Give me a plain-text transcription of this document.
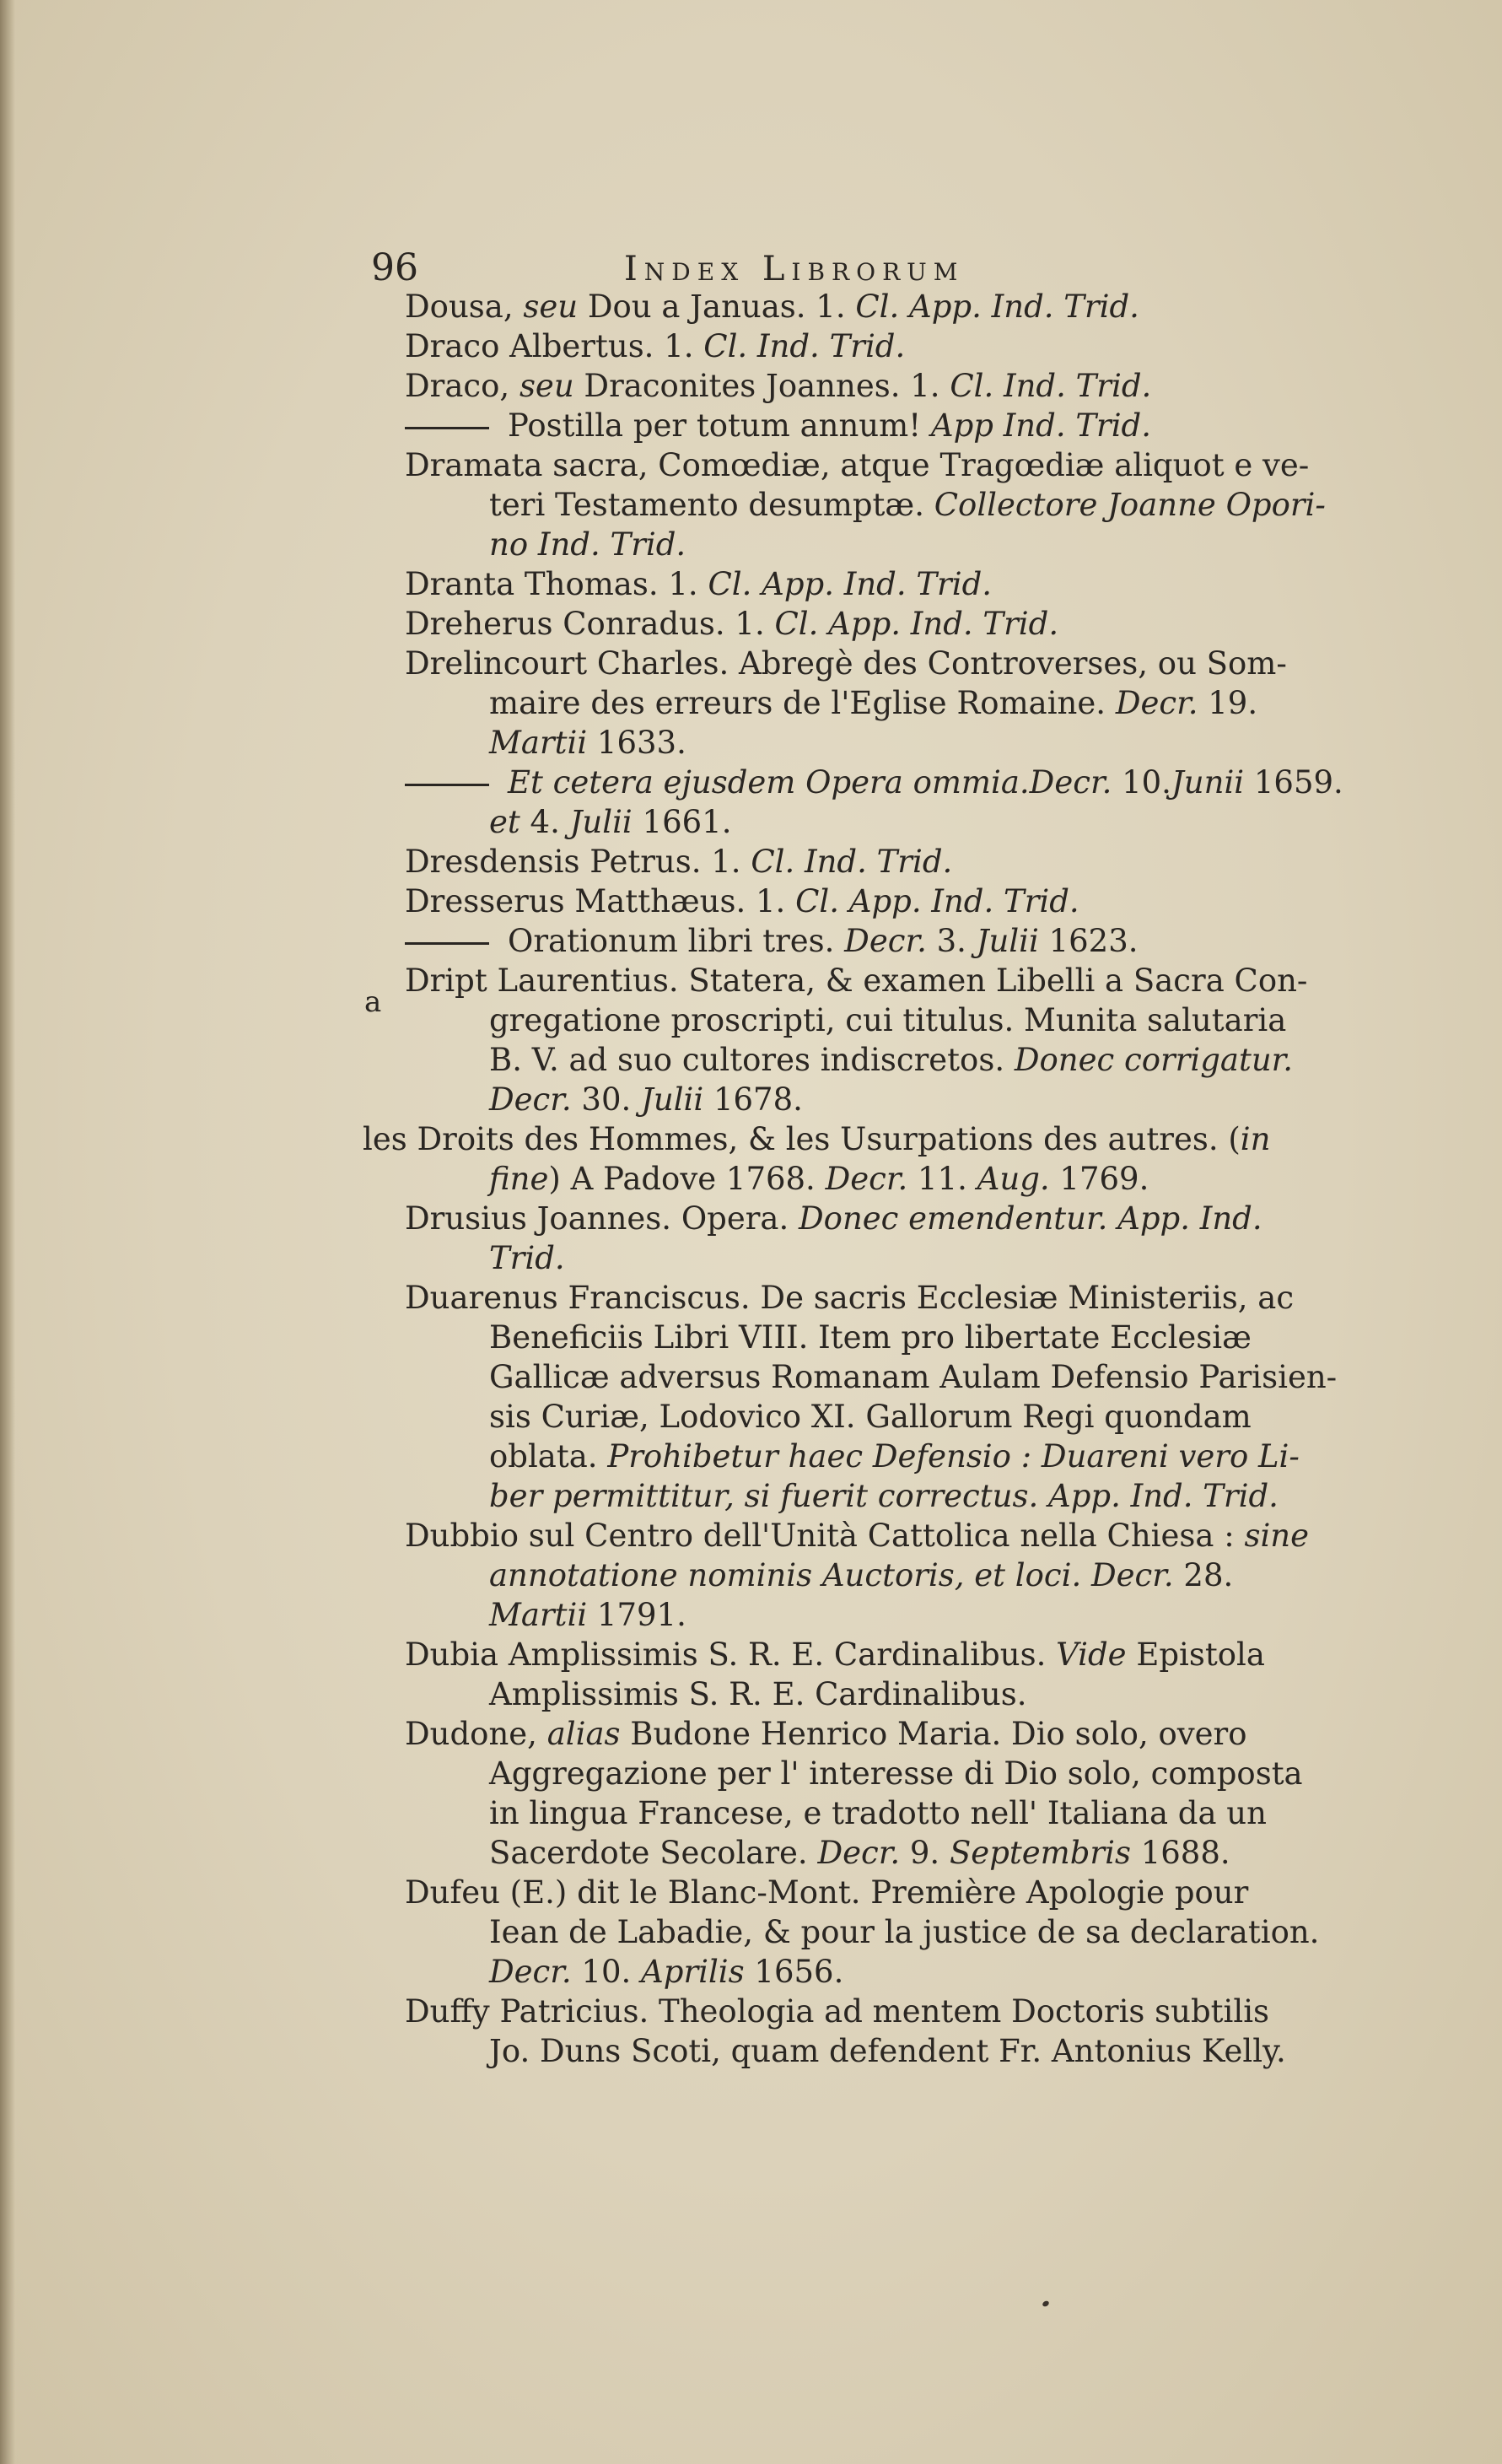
96	Index Librorum
Dousa, seu Dou a Januas. 1. Cl. App. Ind. Trid.
Draco Albertus. 1. Cl. Ind. Trid.
Draco, seu Draconites Joannes. 1. Cl. Ind. Trid.
Postilla per totum annum! App Ind. Trid.
Dramata sacra, Comœdiæ, atque Tragœdiæ aliquot e ve-
teri Testamento desumptæ. Collectore Joanne Opori-
no Ind. Trid.
Dranta Thomas. 1. Cl. App. Ind. Trid.
Dreherus Conradus. 1. Cl. App. Ind. Trid.
Drelincourt Charles. Abregè des Controverses, ou Som-
maire des erreurs de l'Eglise Romaine. Decr. 19.
Martii 1633.
Et cetera ejusdem Opera ommia.Decr. 10.Junii 1659.
et 4. Julii 1661.
Dresdensis Petrus. 1. Cl. Ind. Trid.
Dresserus Matthæus. 1. Cl. App. Ind. Trid.
Orationum libri tres. Decr. 3. Julii 1623.
Dript Laurentius. Statera, & examen Libelli a Sacra Con-
gregatione proscripti, cui titulus. Munita salutaria
B. V. ad suo cultores indiscretos. Donec corrigatur.
Decr. 30. Julii 1678.
les Droits des Hommes, & les Usurpations des autres. (in
fine) A Padove 1768. Decr. 11. Aug. 1769.
Drusius Joannes. Opera. Donec emendentur. App. Ind.
Trid.
Duarenus Franciscus. De sacris Ecclesiæ Ministeriis, ac
Beneficiis Libri VIII. Item pro libertate Ecclesiæ
Gallicæ adversus Romanam Aulam Defensio Parisien-
sis Curiæ, Lodovico XI. Gallorum Regi quondam
oblata. Prohibetur haec Defensio : Duareni vero Li-
ber permittitur, si fuerit correctus. App. Ind. Trid.
Dubbio sul Centro dell'Unità Cattolica nella Chiesa : sine
annotatione nominis Auctoris, et loci. Decr. 28.
Martii 1791.
Dubia Amplissimis S. R. E. Cardinalibus. Vide Epistola
Amplissimis S. R. E. Cardinalibus.
Dudone, alias Budone Henrico Maria. Dio solo, overo
Aggregazione per l' interesse di Dio solo, composta
in lingua Francese, e tradotto nell' Italiana da un
Sacerdote Secolare. Decr. 9. Septembris 1688.
Dufeu (E.) dit le Blanc-Mont. Première Apologie pour
Iean de Labadie, & pour la justice de sa declaration.
Decr. 10. Aprilis 1656.
Duffy Patricius. Theologia ad mentem Doctoris subtilis
Jo. Duns Scoti, quam defendent Fr. Antonius Kelly.
a
